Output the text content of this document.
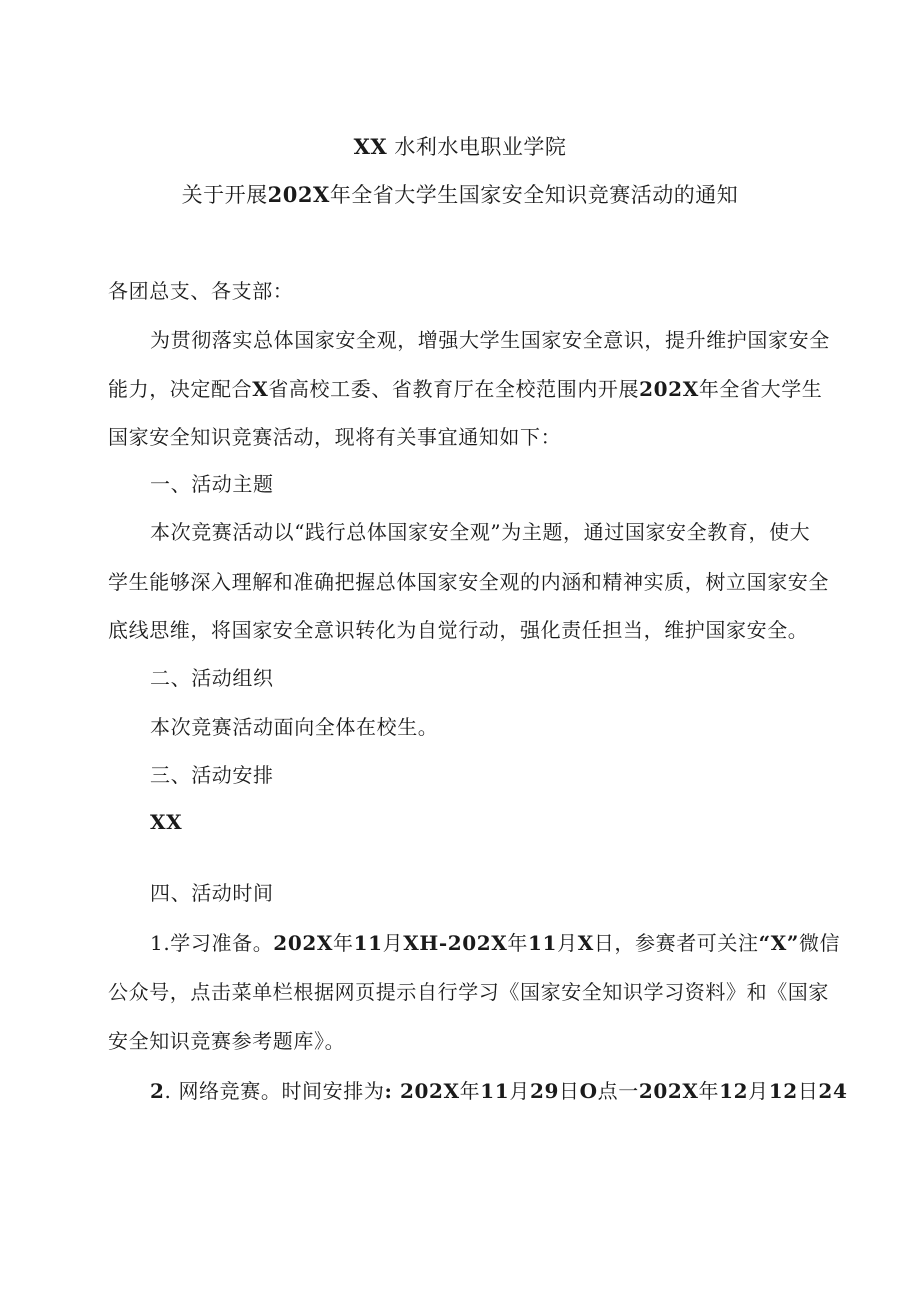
XX 水利水电职业学院
关于开展202X年全省大学生国家安全知识竞赛活动的通知
各团总支、各支部：
为贯彻落实总体国家安全观，增强大学生国家安全意识，提升维护国家安全
能力，决定配合X省高校工委、省教育厅在全校范围内开展202X年全省大学生
国家安全知识竞赛活动，现将有关事宜通知如下：
一、活动主题
本次竞赛活动以“践行总体国家安全观”为主题，通过国家安全教育，使大
学生能够深入理解和准确把握总体国家安全观的内涵和精神实质，树立国家安全
底线思维，将国家安全意识转化为自觉行动，强化责任担当，维护国家安全。
二、活动组织
本次竞赛活动面向全体在校生。
三、活动安排
XX
四、活动时间
1.学习准备。202X年11月XH-202X年11月X日，参赛者可关注“X”微信
公众号，点击菜单栏根据网页提示自行学习《国家安全知识学习资料》和《国家
安全知识竞赛参考题库》。
2. 网络竞赛。时间安排为: 202X年11月29日O点一202X年12月12日24
